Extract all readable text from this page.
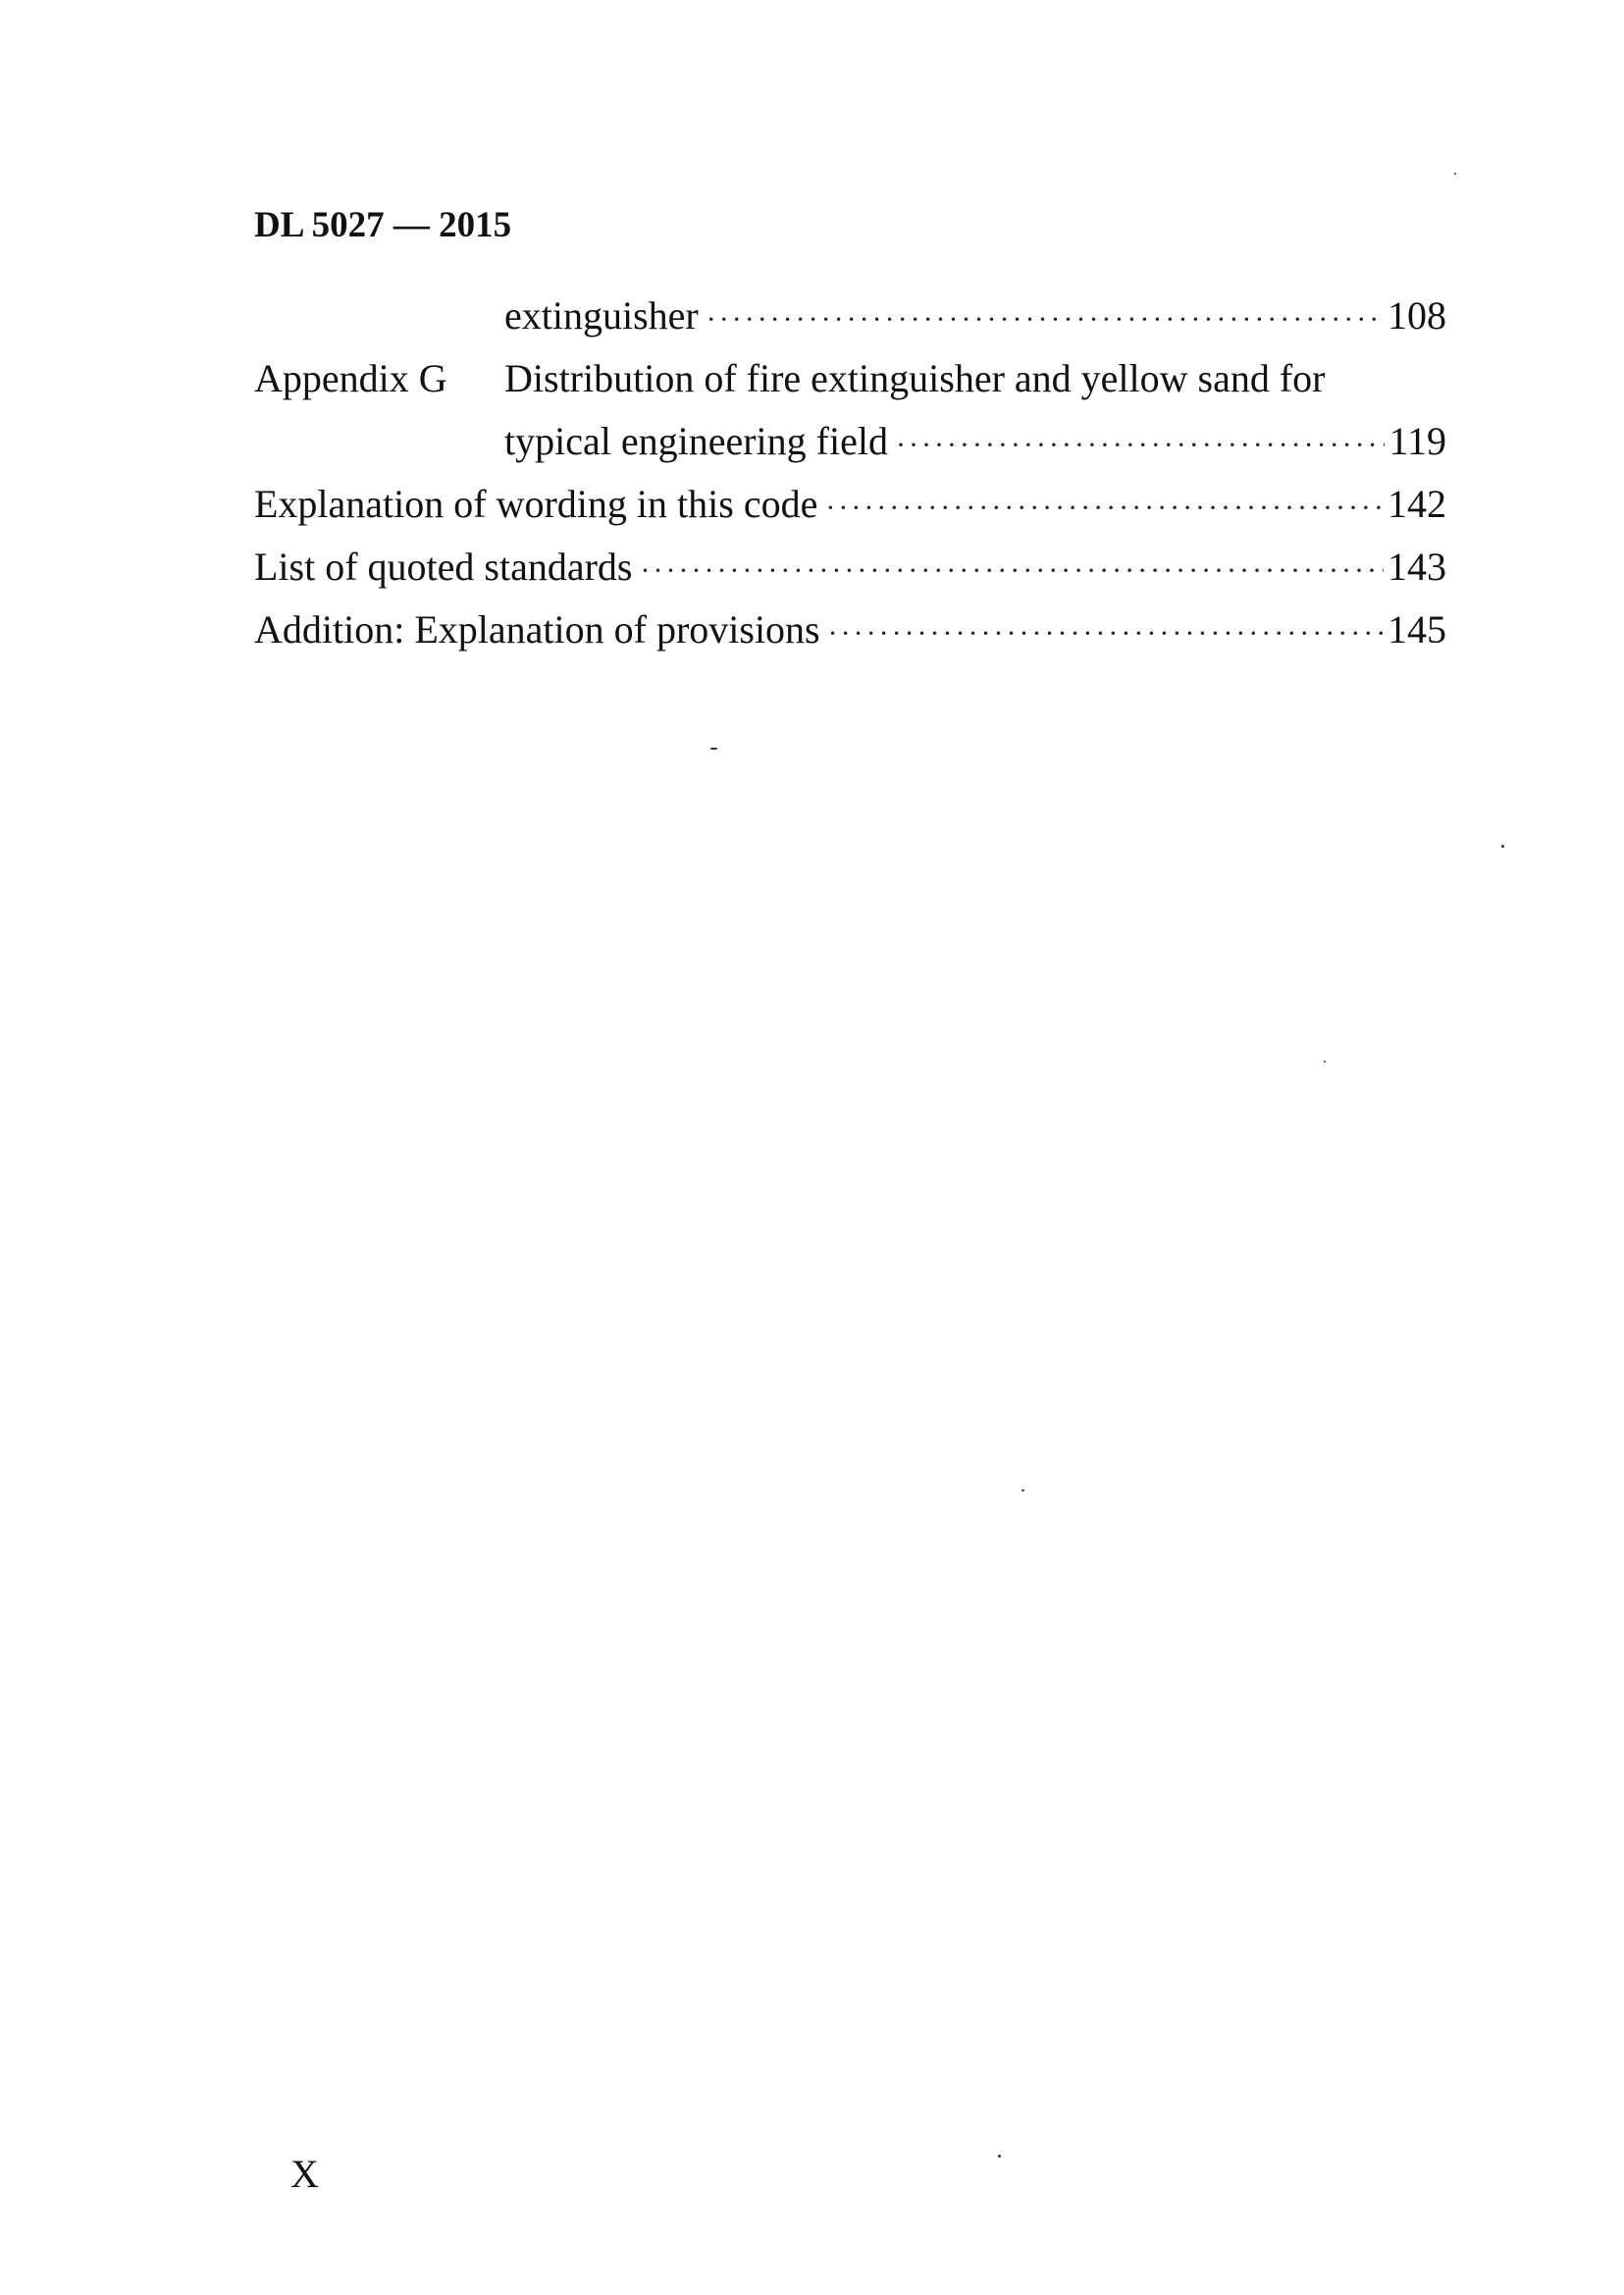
DL 5027 — 2015
extinguisher ·····	108
Appendix G Distribution of fire extinguisher and yellow sand for
typical engineering field ·····	119
Explanation of wording in this code ·····	142
List of quoted standards ·····	143
Addition: Explanation of provisions ·····	145
X
